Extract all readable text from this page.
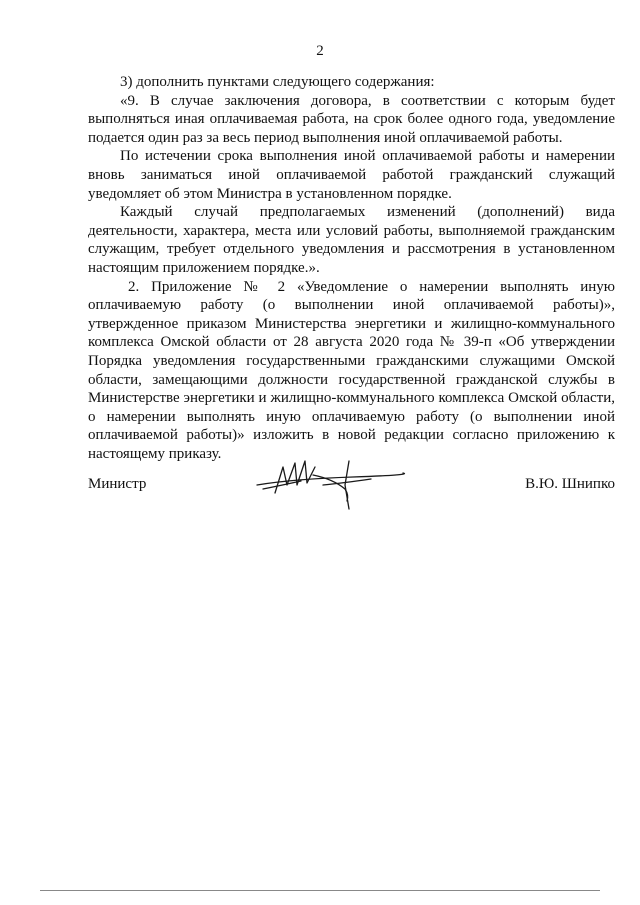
2

3) дополнить пунктами следующего содержания:

«9. В случае заключения договора, в соответствии с которым будет выполняться иная оплачиваемая работа, на срок более одного года, уведомление подается один раз за весь период выполнения иной оплачиваемой работы.

По истечении срока выполнения иной оплачиваемой работы и намерении вновь заниматься иной оплачиваемой работой гражданский служащий уведомляет об этом Министра в установленном порядке.

Каждый случай предполагаемых изменений (дополнений) вида деятельности, характера, места или условий работы, выполняемой гражданским служащим, требует отдельного уведомления и рассмотрения в установленном настоящим приложением порядке.».

2. Приложение № 2 «Уведомление о намерении выполнять иную оплачиваемую работу (о выполнении иной оплачиваемой работы)», утвержденное приказом Министерства энергетики и жилищно-коммунального комплекса Омской области от 28 августа 2020 года № 39-п «Об утверждении Порядка уведомления государственными гражданскими служащими Омской области, замещающими должности государственной гражданской службы в Министерстве энергетики и жилищно-коммунального комплекса Омской области, о намерении выполнять иную оплачиваемую работу (о выполнении иной оплачиваемой работы)» изложить в новой редакции согласно приложению к настоящему приказу.

Министр	В.Ю. Шнипко
